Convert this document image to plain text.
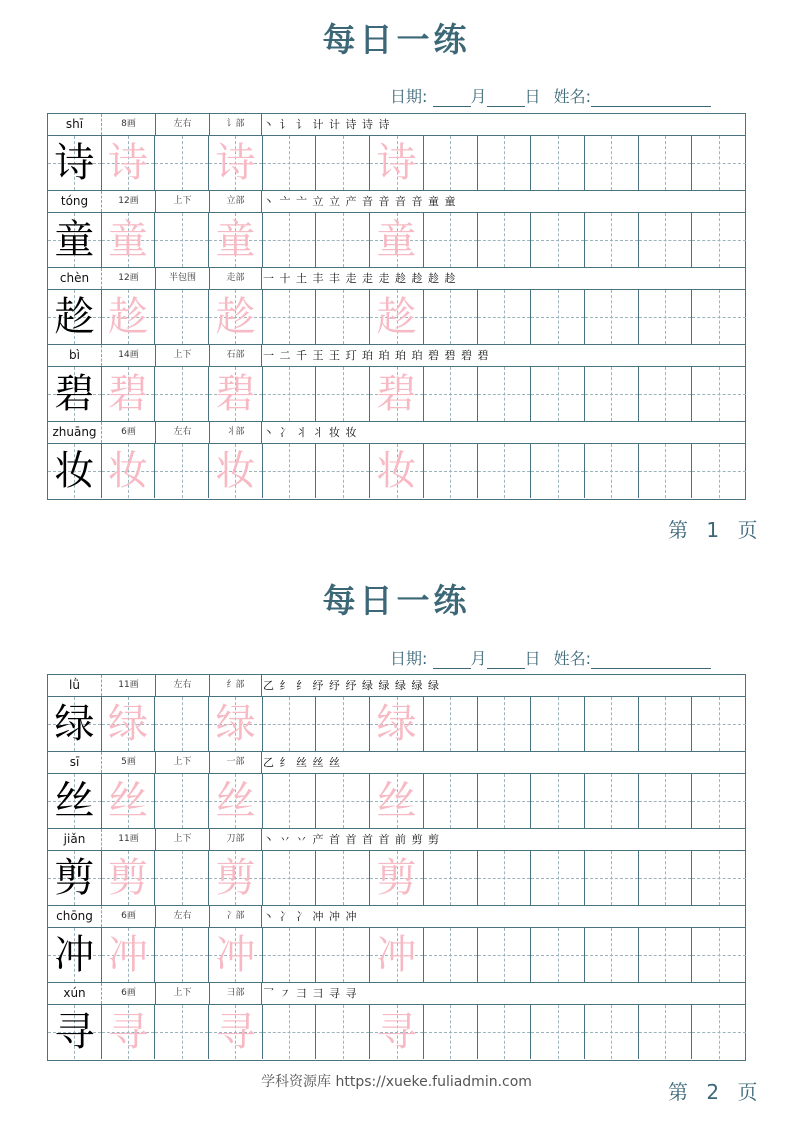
每日一练
日期:	月 日 姓名:
shī	8画	左右	讠部	丶 讠 讠 计 计 诗 诗 诗
诗 诗 诗	诗
tóng	12画	上下	立部	丶 亠 亠 立 立 产 音 音 音 音 童 童
童 童 童	童
chèn	12画	半包围	走部	一 十 土 丰 丰 走 走 走 趁 趁 趁 趁
趁 趁 趁	趁
bì	14画	上下	石部	一 二 千 王 王 玎 珀 珀 珀 珀 碧 碧 碧 碧
碧 碧 碧	碧
zhuāng	6画	左右	丬部	丶 冫 丬 丬 妆 妆
妆 妆 妆	妆
第 1 页
每日一练
日期:	月 日 姓名:
lǜ	11画	左右	纟部	乙 纟 纟 纾 纾 纾 绿 绿 绿 绿 绿
绿 绿 绿	绿
sī	5画	上下	一部	乙 纟 丝 丝 丝
丝 丝 丝	丝
jiǎn	11画	上下	刀部	丶 丷 丷 产 首 首 首 首 前 剪 剪
剪 剪 剪	剪
chōng	6画	左右	冫部	丶 冫 冫 冲 冲 冲
冲 冲 冲	冲
xún	6画	上下	彐部	乛 ㇇ 彐 彐 寻 寻
寻 寻 寻	寻
第 2 页
学科资源库 https://xueke.fuliadmin.com
